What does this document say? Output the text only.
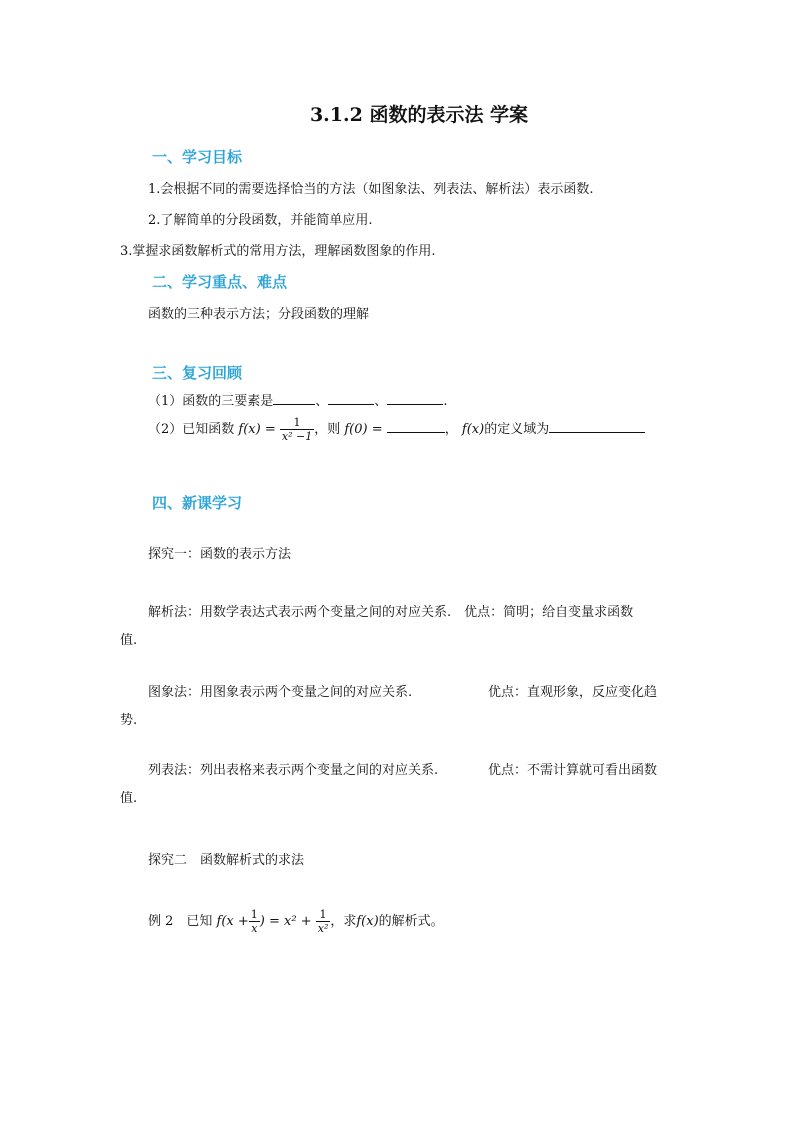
3.1.2 函数的表示法 学案
一、学习目标
1.会根据不同的需要选择恰当的方法（如图象法、列表法、解析法）表示函数.
2.了解简单的分段函数，并能简单应用.
3.掌握求函数解析式的常用方法，理解函数图象的作用.
二、学习重点、难点
函数的三种表示方法；分段函数的理解
三、复习回顾
（1）函数的三要素是	、	、	.
（2）已知函数 $f(x) = \frac{1}{\text{x² −1}}$ ，则 f(0) =	， f(x)的定义域为
四、新课学习
探究一：函数的表示方法
解析法：用数学表达式表示两个变量之间的对应关系.　优点：简明；给自变量求函数
值.
图象法：用图象表示两个变量之间的对应关系.	优点：直观形象，反应变化趋
势.
列表法：列出表格来表示两个变量之间的对应关系.	优点：不需计算就可看出函数
值.
探究二　函数解析式的求法
例 2　已知 $f(x + \frac{1}{x}$ ) = $x^2 + \frac{1}{\text{x²}}$ ，求f(x)的解析式。
